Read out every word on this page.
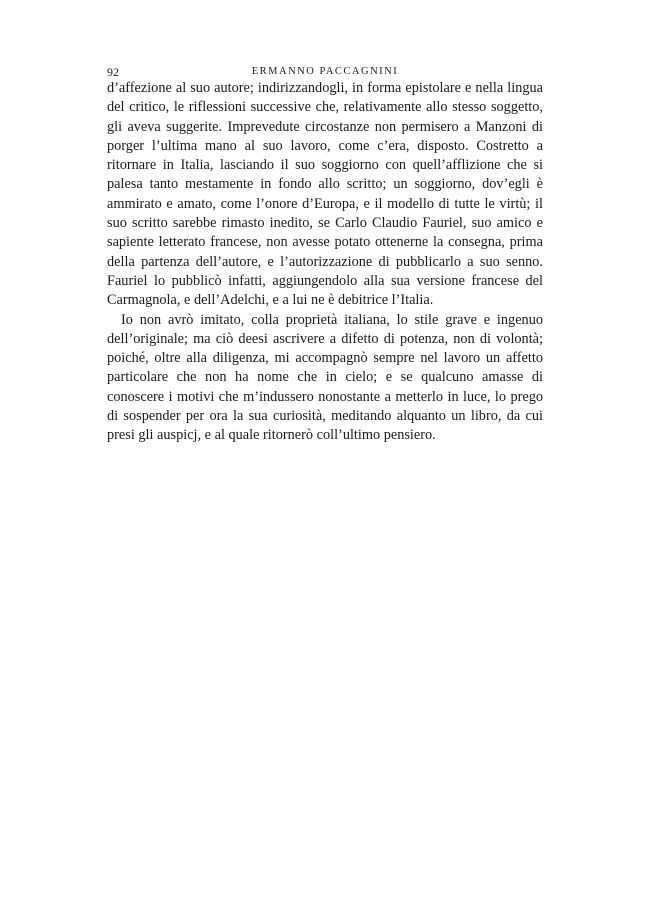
92	ERMANNO PACCAGNINI

d’affezione al suo autore; indirizzandogli, in forma epistolare e nella lingua del critico, le riflessioni successive che, relativamente allo stesso soggetto, gli aveva suggerite. Imprevedute circostanze non permisero a Manzoni di porger l’ultima mano al suo lavoro, come c’era, disposto. Costretto a ritornare in Italia, lasciando il suo soggiorno con quell’afflizione che si palesa tanto mestamente in fondo allo scritto; un soggiorno, dov’egli è ammirato e amato, come l’onore d’Europa, e il modello di tutte le virtù; il suo scritto sarebbe rimasto inedito, se Carlo Claudio Fauriel, suo amico e sapiente letterato francese, non avesse potato ottenerne la consegna, prima della partenza dell’autore, e l’autorizzazione di pubblicarlo a suo senno. Fauriel lo pubblicò infatti, aggiungendolo alla sua versione francese del Carmagnola, e dell’Adelchi, e a lui ne è debitrice l’Italia.

Io non avrò imitato, colla proprietà italiana, lo stile grave e ingenuo dell’originale; ma ciò deesi ascrivere a difetto di potenza, non di volontà; poiché, oltre alla diligenza, mi accompagnò sempre nel lavoro un affetto particolare che non ha nome che in cielo; e se qualcuno amasse di conoscere i motivi che m’indussero nonostante a metterlo in luce, lo prego di sospender per ora la sua curiosità, meditando alquanto un libro, da cui presi gli auspicj, e al quale ritornerò coll’ultimo pensiero.
